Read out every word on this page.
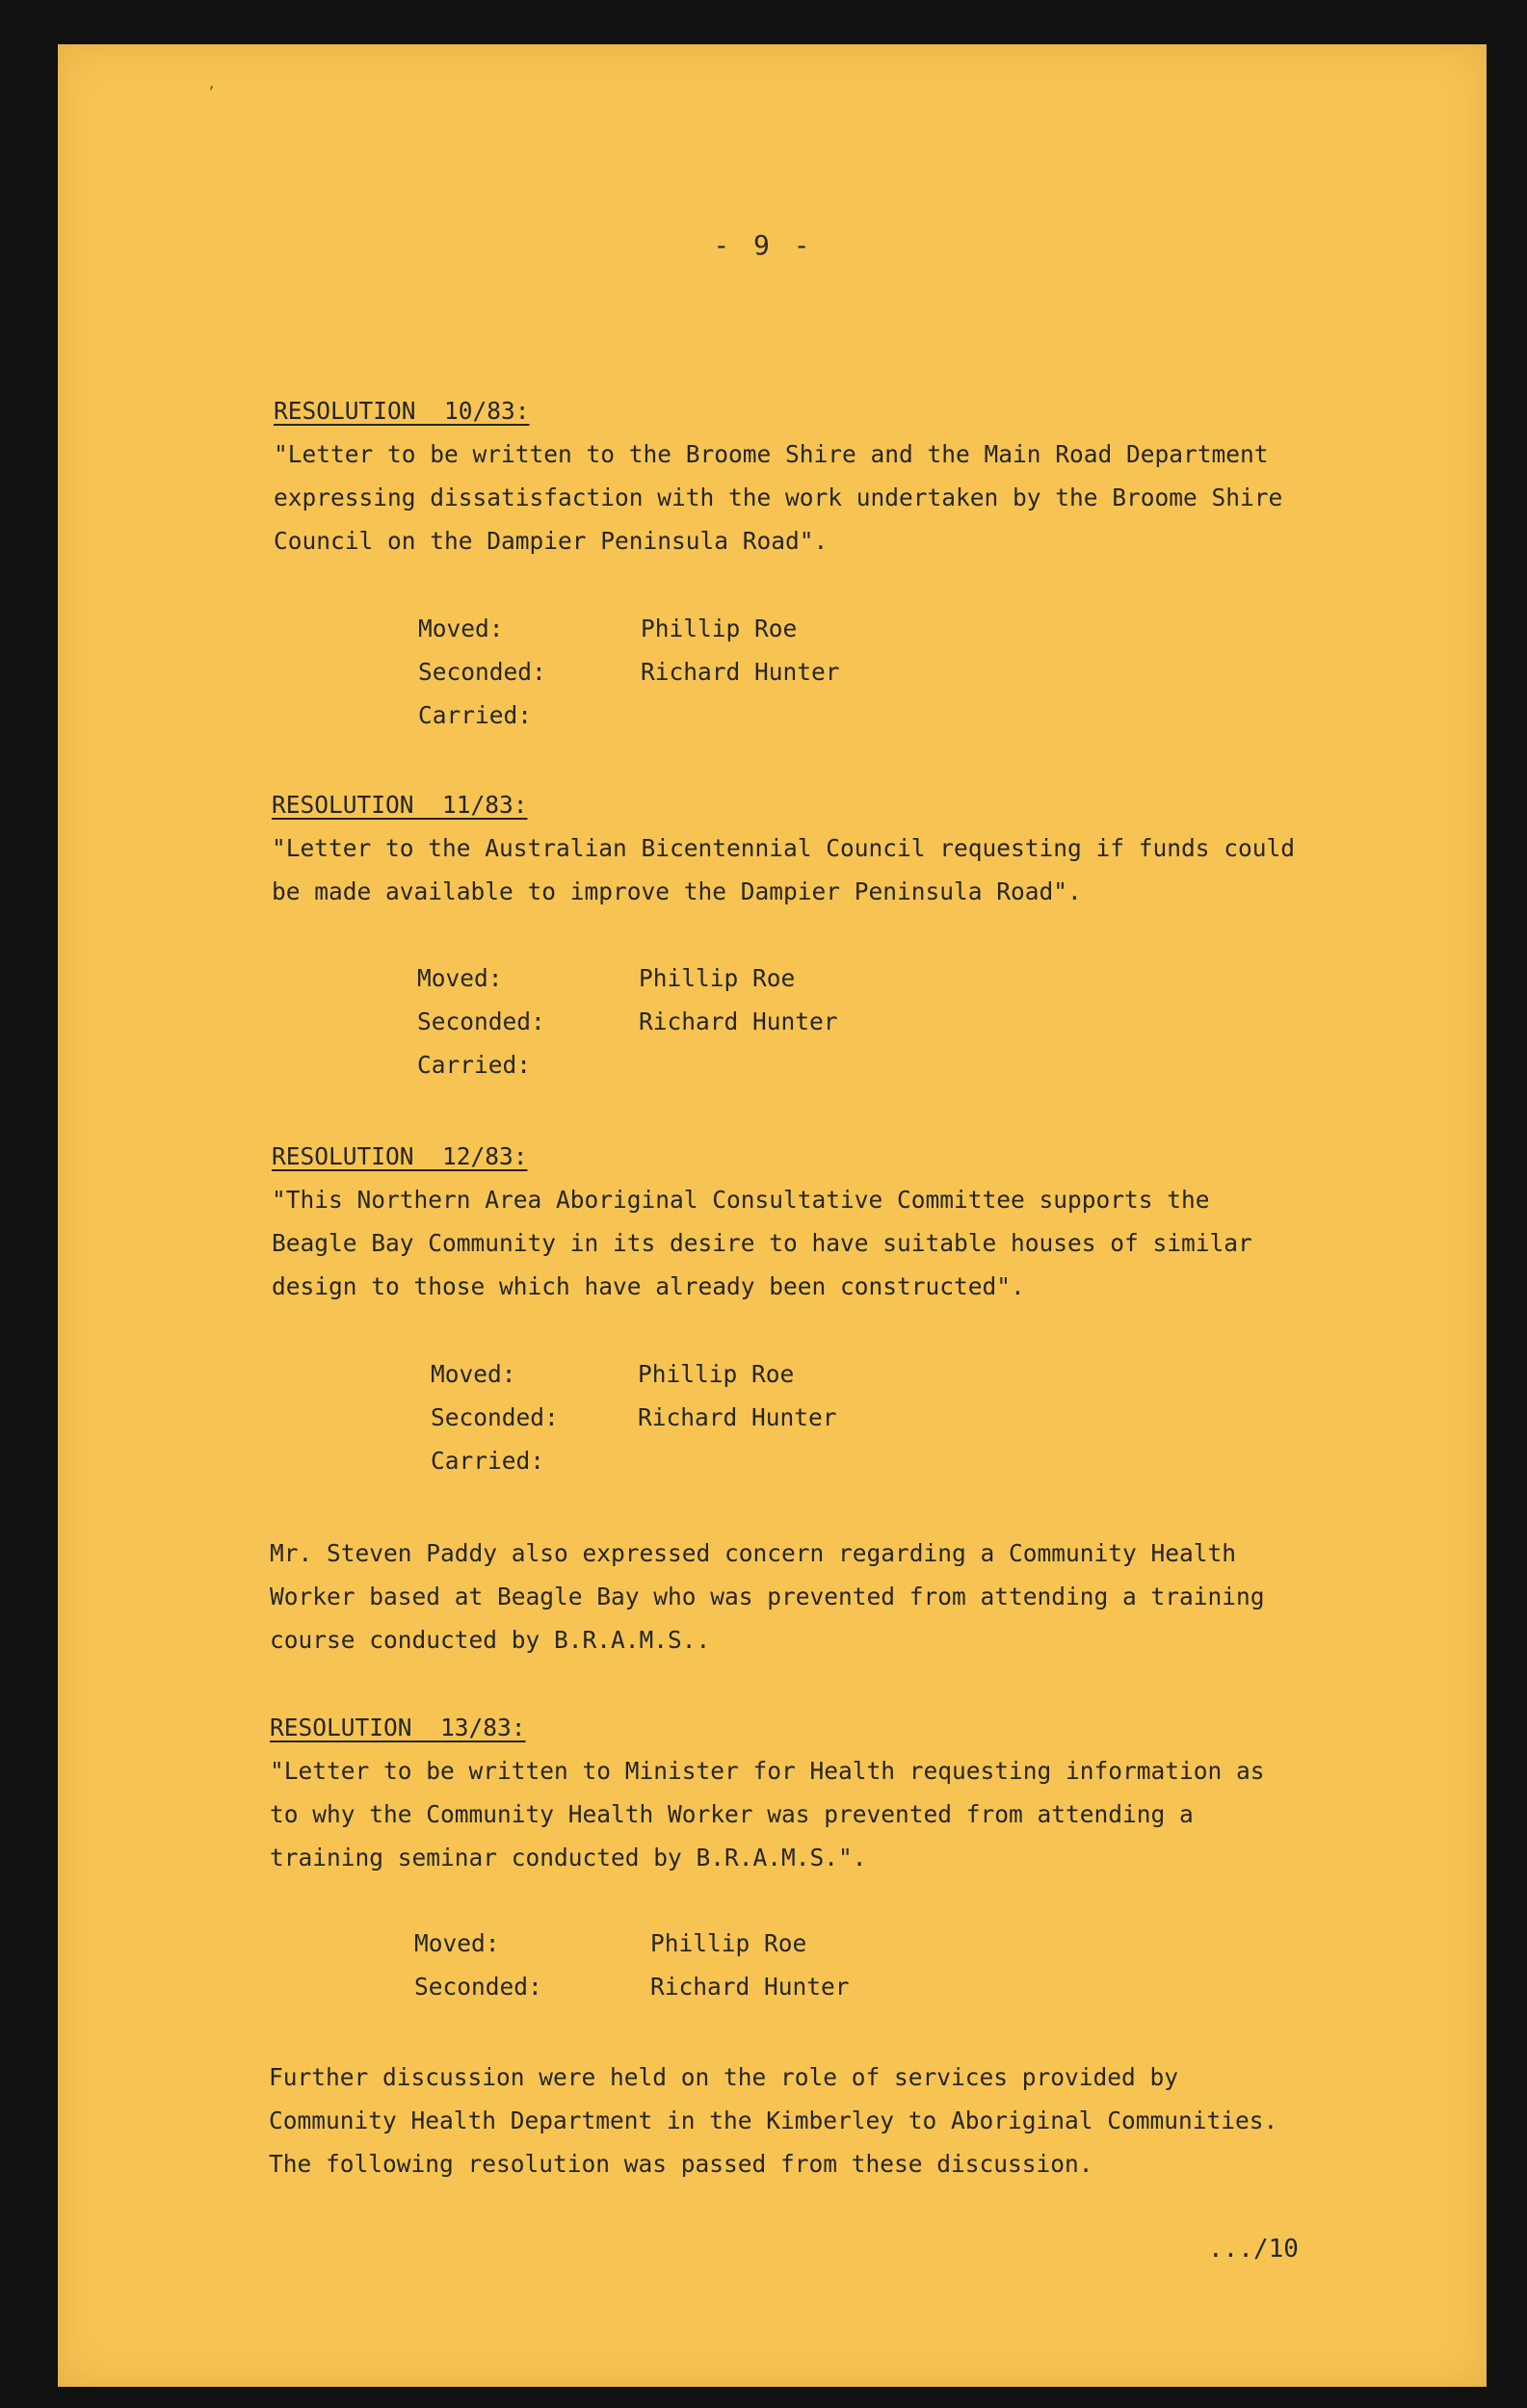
ʼ
- 9 -
RESOLUTION  10/83:
"Letter to be written to the Broome Shire and the Main Road Department
expressing dissatisfaction with the work undertaken by the Broome Shire
Council on the Dampier Peninsula Road".
Moved:	Phillip Roe
Seconded:	Richard Hunter
Carried:
RESOLUTION  11/83:
"Letter to the Australian Bicentennial Council requesting if funds could
be made available to improve the Dampier Peninsula Road".
Moved:	Phillip Roe
Seconded:	Richard Hunter
Carried:
RESOLUTION  12/83:
"This Northern Area Aboriginal Consultative Committee supports the
Beagle Bay Community in its desire to have suitable houses of similar
design to those which have already been constructed".
Moved:	Phillip Roe
Seconded:	Richard Hunter
Carried:
Mr. Steven Paddy also expressed concern regarding a Community Health
Worker based at Beagle Bay who was prevented from attending a training
course conducted by B.R.A.M.S..
RESOLUTION  13/83:
"Letter to be written to Minister for Health requesting information as
to why the Community Health Worker was prevented from attending a
training seminar conducted by B.R.A.M.S.".
Moved:	Phillip Roe
Seconded:	Richard Hunter
Further discussion were held on the role of services provided by
Community Health Department in the Kimberley to Aboriginal Communities.
The following resolution was passed from these discussion.
.../10
